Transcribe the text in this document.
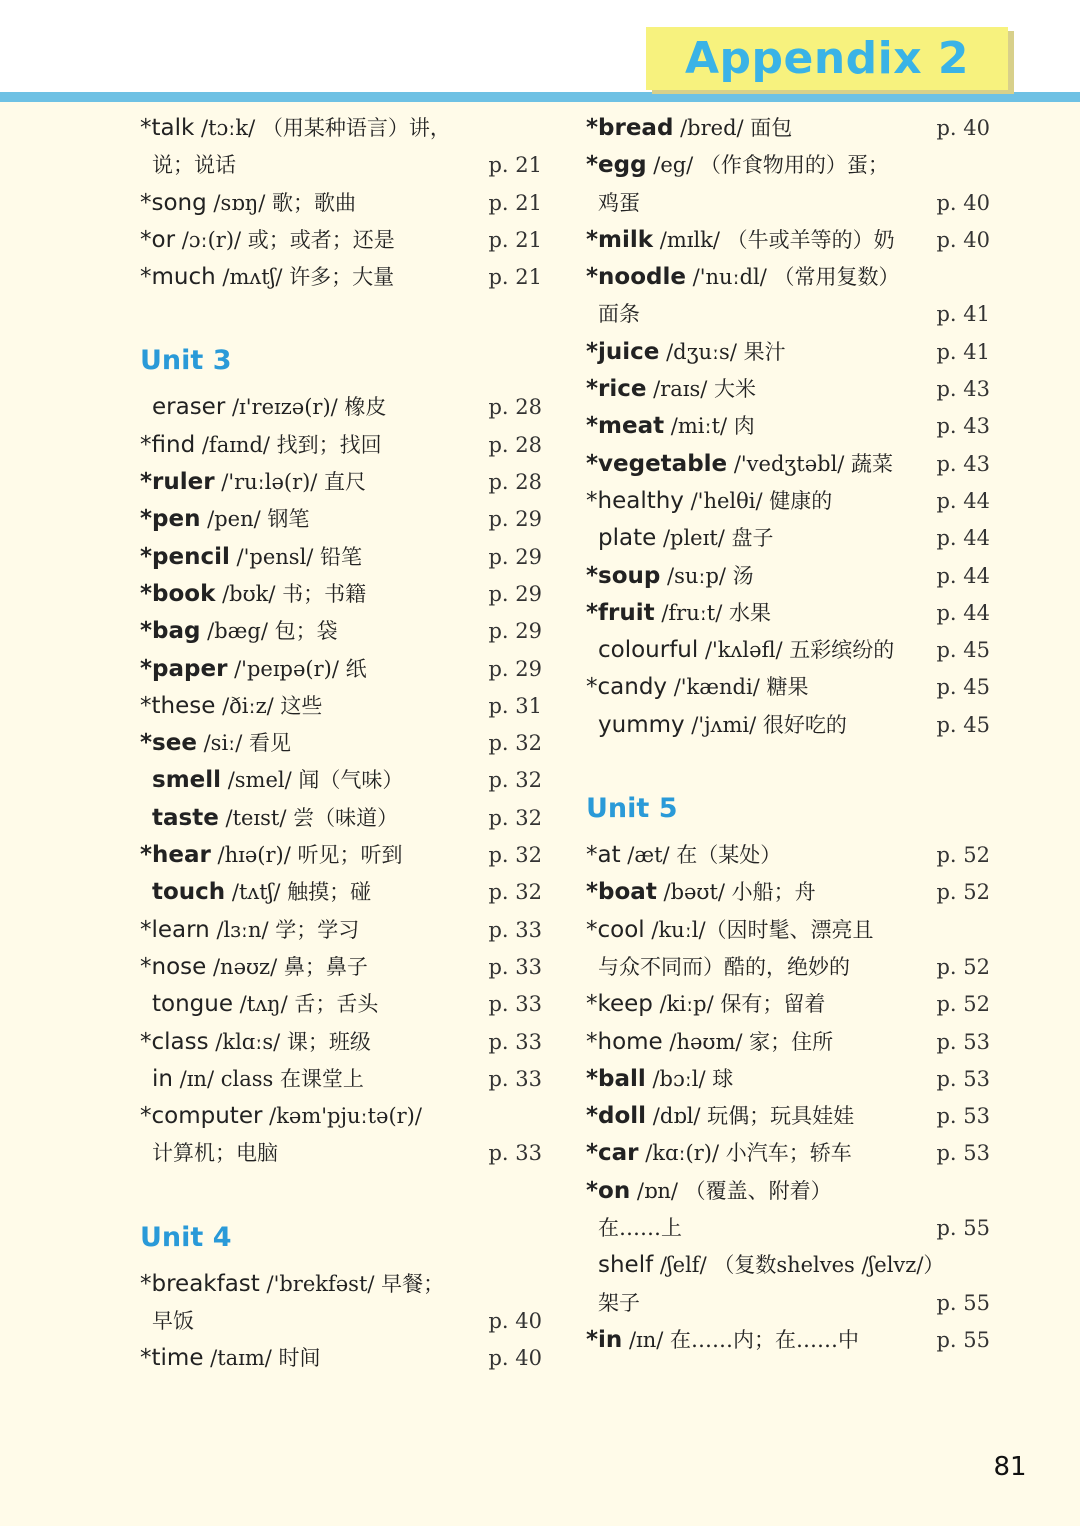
Appendix 2
*talk /tɔːk/ （用某种语言）讲，
说；说话	p. 21
*song /sɒŋ/ 歌；歌曲	p. 21
*or /ɔː(r)/ 或；或者；还是	p. 21
*much /mʌtʃ/ 许多；大量	p. 21
Unit 3
eraser /ɪ'reɪzə(r)/ 橡皮	p. 28
*find /faɪnd/ 找到；找回	p. 28
*ruler /'ruːlə(r)/ 直尺	p. 28
*pen /pen/ 钢笔	p. 29
*pencil /'pensl/ 铅笔	p. 29
*book /bʊk/ 书；书籍	p. 29
*bag /bæg/ 包；袋	p. 29
*paper /'peɪpə(r)/ 纸	p. 29
*these /ðiːz/ 这些	p. 31
*see /siː/ 看见	p. 32
smell /smel/ 闻（气味）	p. 32
taste /teɪst/ 尝（味道）	p. 32
*hear /hɪə(r)/ 听见；听到	p. 32
touch /tʌtʃ/ 触摸；碰	p. 32
*learn /lɜːn/ 学；学习	p. 33
*nose /nəʊz/ 鼻；鼻子	p. 33
tongue /tʌŋ/ 舌；舌头	p. 33
*class /klɑːs/ 课；班级	p. 33
in /ɪn/ class 在课堂上	p. 33
*computer /kəm'pjuːtə(r)/
计算机；电脑	p. 33
Unit 4
*breakfast /'brekfəst/ 早餐；
早饭	p. 40
*time /taɪm/ 时间	p. 40
*bread /bred/ 面包	p. 40
*egg /eg/ （作食物用的）蛋；
鸡蛋	p. 40
*milk /mɪlk/ （牛或羊等的）奶 p. 40
*noodle /'nuːdl/ （常用复数）
面条	p. 41
*juice /dʒuːs/ 果汁	p. 41
*rice /raɪs/ 大米	p. 43
*meat /miːt/ 肉	p. 43
*vegetable /'vedʒtəbl/ 蔬菜 p. 43
*healthy /'helθi/ 健康的	p. 44
plate /pleɪt/ 盘子	p. 44
*soup /suːp/ 汤	p. 44
*fruit /fruːt/ 水果	p. 44
colourful /'kʌləfl/ 五彩缤纷的 p. 45
*candy /'kændi/ 糖果	p. 45
yummy /'jʌmi/ 很好吃的	p. 45
Unit 5
*at /æt/ 在（某处）	p. 52
*boat /bəʊt/ 小船；舟	p. 52
*cool /kuːl/（因时髦、漂亮且
与众不同而）酷的，绝妙的	p. 52
*keep /kiːp/ 保有；留着	p. 52
*home /həʊm/ 家；住所	p. 53
*ball /bɔːl/ 球	p. 53
*doll /dɒl/ 玩偶；玩具娃娃	p. 53
*car /kɑː(r)/ 小汽车；轿车	p. 53
*on /ɒn/ （覆盖、附着）
在……上	p. 55
shelf /ʃelf/ （复数shelves /ʃelvz/）
架子	p. 55
*in /ɪn/ 在……内；在……中	p. 55
81
